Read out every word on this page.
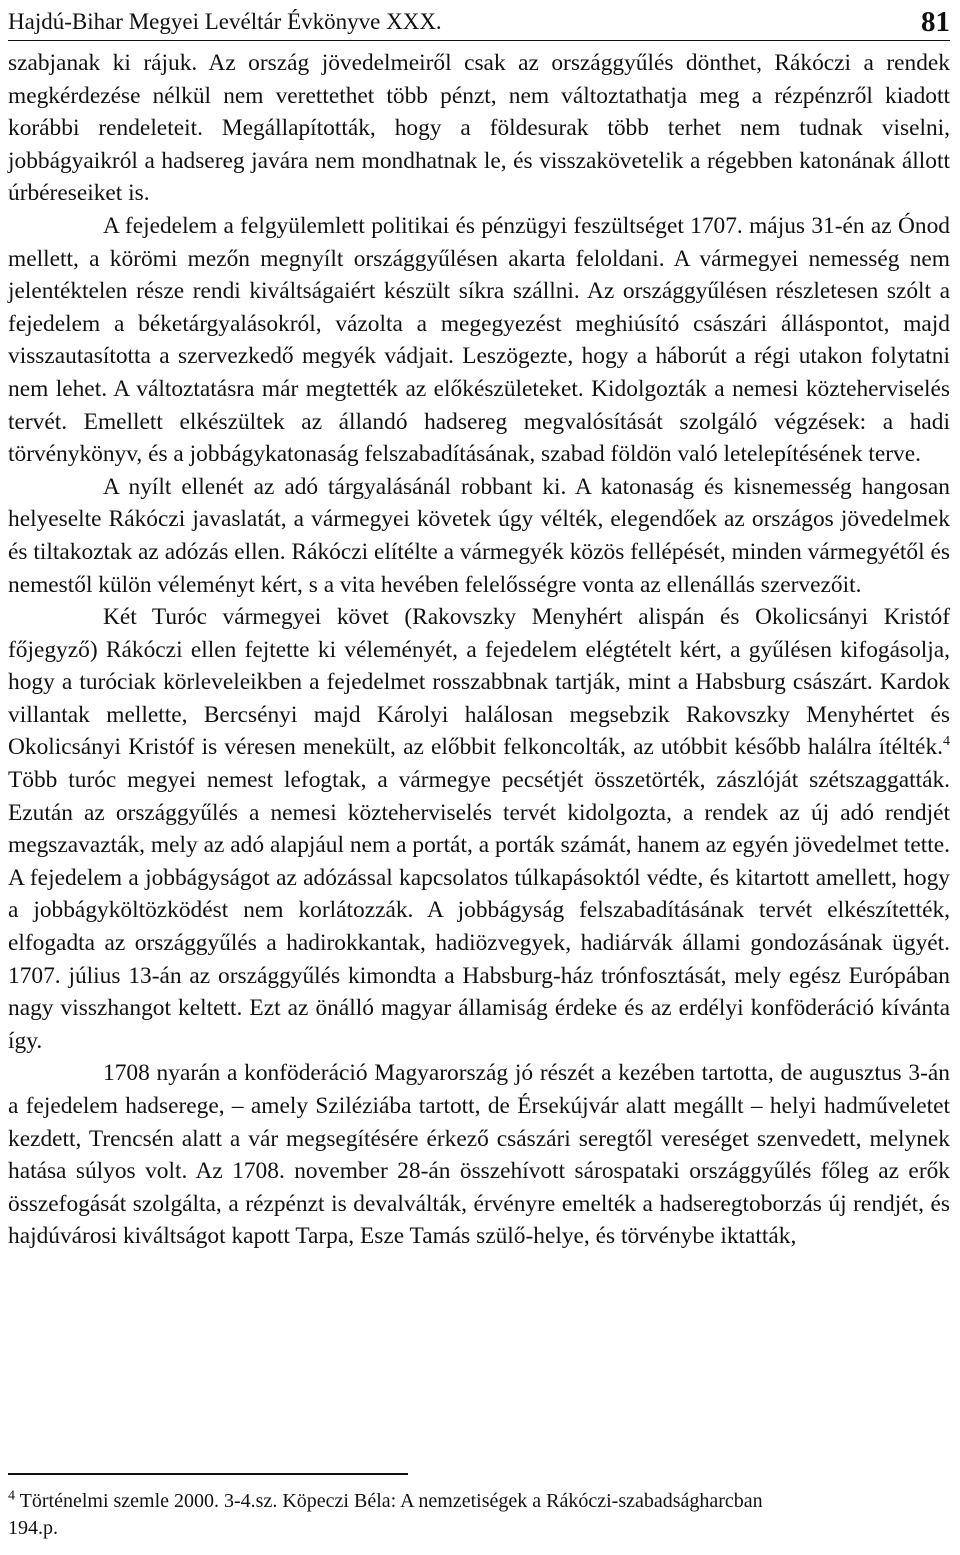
Hajdú-Bihar Megyei Levéltár Évkönyve XXX.	81

szabjanak ki rájuk. Az ország jövedelmeiről csak az országgyűlés dönthet, Rákóczi a rendek megkérdezése nélkül nem verettethet több pénzt, nem változtathatja meg a rézpénzről kiadott korábbi rendeleteit. Megállapították, hogy a földesurak több terhet nem tudnak viselni, jobbágyaikról a hadsereg javára nem mondhatnak le, és visszakövetelik a régebben katonának állott úrbéreseiket is.

A fejedelem a felgyülemlett politikai és pénzügyi feszültséget 1707. május 31-én az Ónod mellett, a körömi mezőn megnyílt országgyűlésen akarta feloldani. A vármegyei nemesség nem jelentéktelen része rendi kiváltságaiért készült síkra szállni. Az országgyűlésen részletesen szólt a fejedelem a béketárgyalásokról, vázolta a megegyezést meghiúsító császári álláspontot, majd visszautasította a szervezkedő megyék vádjait. Leszögezte, hogy a háborút a régi utakon folytatni nem lehet. A változtatásra már megtették az előkészületeket. Kidolgozták a nemesi közteherviselés tervét. Emellett elkészültek az állandó hadsereg megvalósítását szolgáló végzések: a hadi törvénykönyv, és a jobbágykatonaság felszabadításának, szabad földön való letelepítésének terve.

A nyílt ellenét az adó tárgyalásánál robbant ki. A katonaság és kisnemesség hangosan helyeselte Rákóczi javaslatát, a vármegyei követek úgy vélték, elegendőek az országos jövedelmek és tiltakoztak az adózás ellen. Rákóczi elítélte a vármegyék közös fellépését, minden vármegyétől és nemestől külön véleményt kért, s a vita hevében felelősségre vonta az ellenállás szervezőit.

Két Turóc vármegyei követ (Rakovszky Menyhért alispán és Okolicsányi Kristóf főjegyző) Rákóczi ellen fejtette ki véleményét, a fejedelem elégtételt kért, a gyűlésen kifogásolja, hogy a turóciak körleveleikben a fejedelmet rosszabbnak tartják, mint a Habsburg császárt. Kardok villantak mellette, Bercsényi majd Károlyi halálosan megsebzik Rakovszky Menyhértet és Okolicsányi Kristóf is véresen menekült, az előbbit felkoncolták, az utóbbit később halálra ítélték.$^4$ Több turóc megyei nemest lefogtak, a vármegye pecsétjét összetörték, zászlóját szétszaggatták. Ezután az országgyűlés a nemesi közteherviselés tervét kidolgozta, a rendek az új adó rendjét megszavazták, mely az adó alapjául nem a portát, a porták számát, hanem az egyén jövedelmet tette. A fejedelem a jobbágyságot az adózással kapcsolatos túlkapásoktól védte, és kitartott amellett, hogy a jobbágyköltözködést nem korlátozzák. A jobbágyság felszabadításának tervét elkészítették, elfogadta az országgyűlés a hadirokkantak, hadiözvegyek, hadiárvák állami gondozásának ügyét. 1707. július 13-án az országgyűlés kimondta a Habsburg-ház trónfosztását, mely egész Európában nagy visszhangot keltett. Ezt az önálló magyar államiság érdeke és az erdélyi konföderáció kívánta így.

1708 nyarán a konföderáció Magyarország jó részét a kezében tartotta, de augusztus 3-án a fejedelem hadserege, – amely Sziléziába tartott, de Érsekújvár alatt megállt – helyi hadműveletet kezdett, Trencsén alatt a vár megsegítésére érkező császári seregtől vereséget szenvedett, melynek hatása súlyos volt. Az 1708. november 28-án összehívott sárospataki országgyűlés főleg az erők összefogását szolgálta, a rézpénzt is devalválták, érvényre emelték a hadseregtoborzás új rendjét, és hajdúvárosi kiváltságot kapott Tarpa, Esze Tamás szülő-helye, és törvénybe iktatták,

$^4$ Történelmi szemle 2000. 3-4.sz. Köpeczi Béla: A nemzetiségek a Rákóczi-szabadságharcban 194.p.
